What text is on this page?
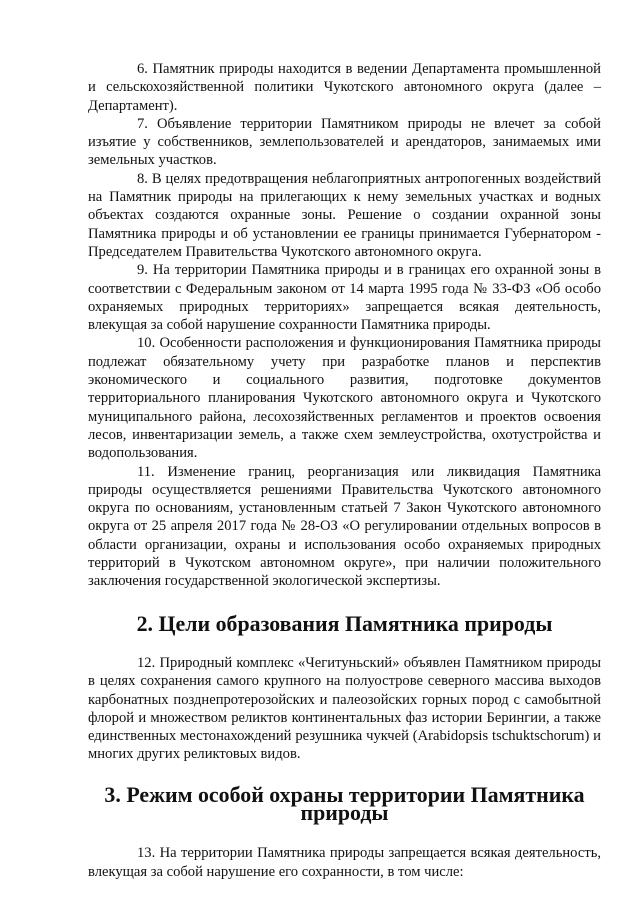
6. Памятник природы находится в ведении Департамента промышленной и сельскохозяйственной политики Чукотского автономного округа (далее – Департамент).

7. Объявление территории Памятником природы не влечет за собой изъятие у собственников, землепользователей и арендаторов, занимаемых ими земельных участков.

8. В целях предотвращения неблагоприятных антропогенных воздействий на Памятник природы на прилегающих к нему земельных участках и водных объектах создаются охранные зоны. Решение о создании охранной зоны Памятника природы и об установлении ее границы принимается Губернатором - Председателем Правительства Чукотского автономного округа.

9. На территории Памятника природы и в границах его охранной зоны в соответствии с Федеральным законом от 14 марта 1995 года № 33-ФЗ «Об особо охраняемых природных территориях» запрещается всякая деятельность, влекущая за собой нарушение сохранности Памятника природы.

10. Особенности расположения и функционирования Памятника природы подлежат обязательному учету при разработке планов и перспектив экономического и социального развития, подготовке документов территориального планирования Чукотского автономного округа и Чукотского муниципального района, лесохозяйственных регламентов и проектов освоения лесов, инвентаризации земель, а также схем землеустройства, охотустройства и водопользования.

11. Изменение границ, реорганизация или ликвидация Памятника природы осуществляется решениями Правительства Чукотского автономного округа по основаниям, установленным статьей 7 Закон Чукотского автономного округа от 25 апреля 2017 года № 28-ОЗ «О регулировании отдельных вопросов в области организации, охраны и использования особо охраняемых природных территорий в Чукотском автономном округе», при наличии положительного заключения государственной экологической экспертизы.

2. Цели образования Памятника природы

12. Природный комплекс «Чегитуньский» объявлен Памятником природы в целях сохранения самого крупного на полуострове северного массива выходов карбонатных позднепротерозойских и палеозойских горных пород с самобытной флорой и множеством реликтов континентальных фаз истории Берингии, а также единственных местонахождений резушника чукчей (Arabidopsis tschuktschorum) и многих других реликтовых видов.

3. Режим особой охраны территории Памятника природы

13. На территории Памятника природы запрещается всякая деятельность, влекущая за собой нарушение его сохранности, в том числе:
